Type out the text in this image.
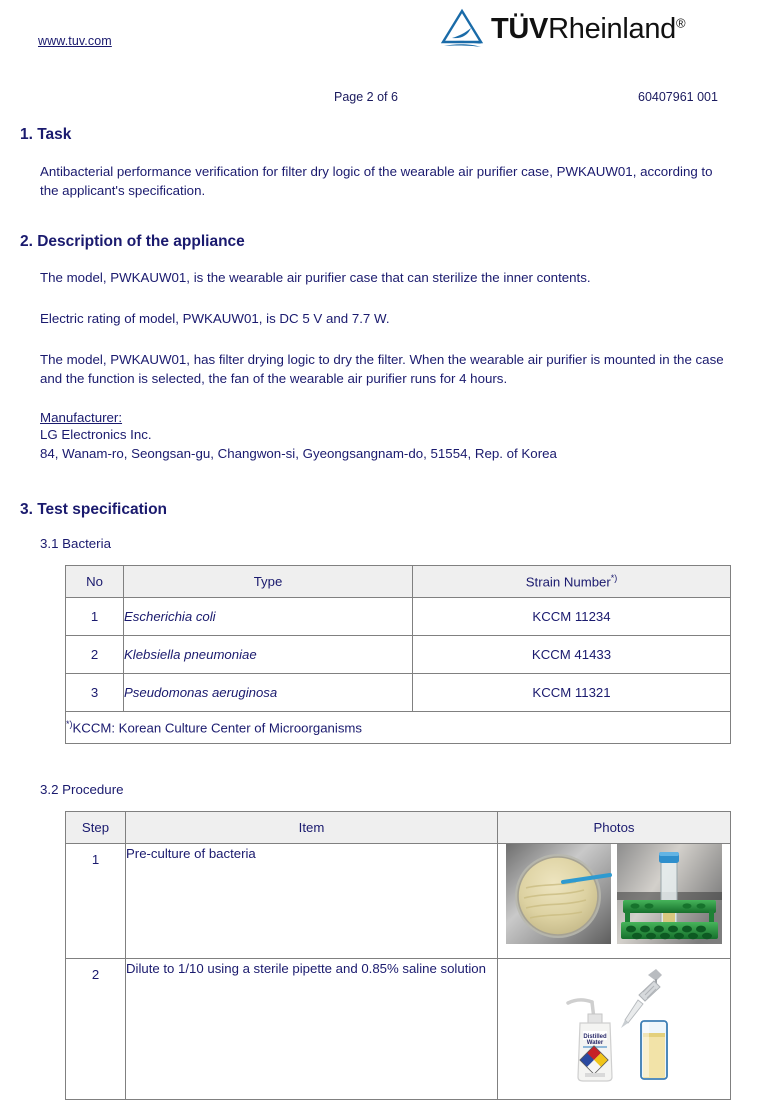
www.tuv.com	TÜVRheinland®
Page 2 of 6	60407961 001
1. Task
Antibacterial performance verification for filter dry logic of the wearable air purifier case, PWKAUW01, according to the applicant's specification.
2. Description of the appliance
The model, PWKAUW01, is the wearable air purifier case that can sterilize the inner contents.
Electric rating of model, PWKAUW01, is DC 5 V and 7.7 W.
The model, PWKAUW01, has filter drying logic to dry the filter. When the wearable air purifier is mounted in the case and the function is selected, the fan of the wearable air purifier runs for 4 hours.
Manufacturer:
LG Electronics Inc.
84, Wanam-ro, Seongsan-gu, Changwon-si, Gyeongsangnam-do, 51554, Rep. of Korea
3. Test specification
3.1 Bacteria
No	Type	Strain Number*)
1	Escherichia coli	KCCM 11234
2	Klebsiella pneumoniae	KCCM 41433
3	Pseudomonas aeruginosa	KCCM 11321
*)KCCM: Korean Culture Center of Microorganisms		
3.2 Procedure
Step	Item	Photos
1	Pre-culture of bacteria	

2	Dilute to 1/10 using a sterile pipette and 0.85% saline solution	Distilled
Water
